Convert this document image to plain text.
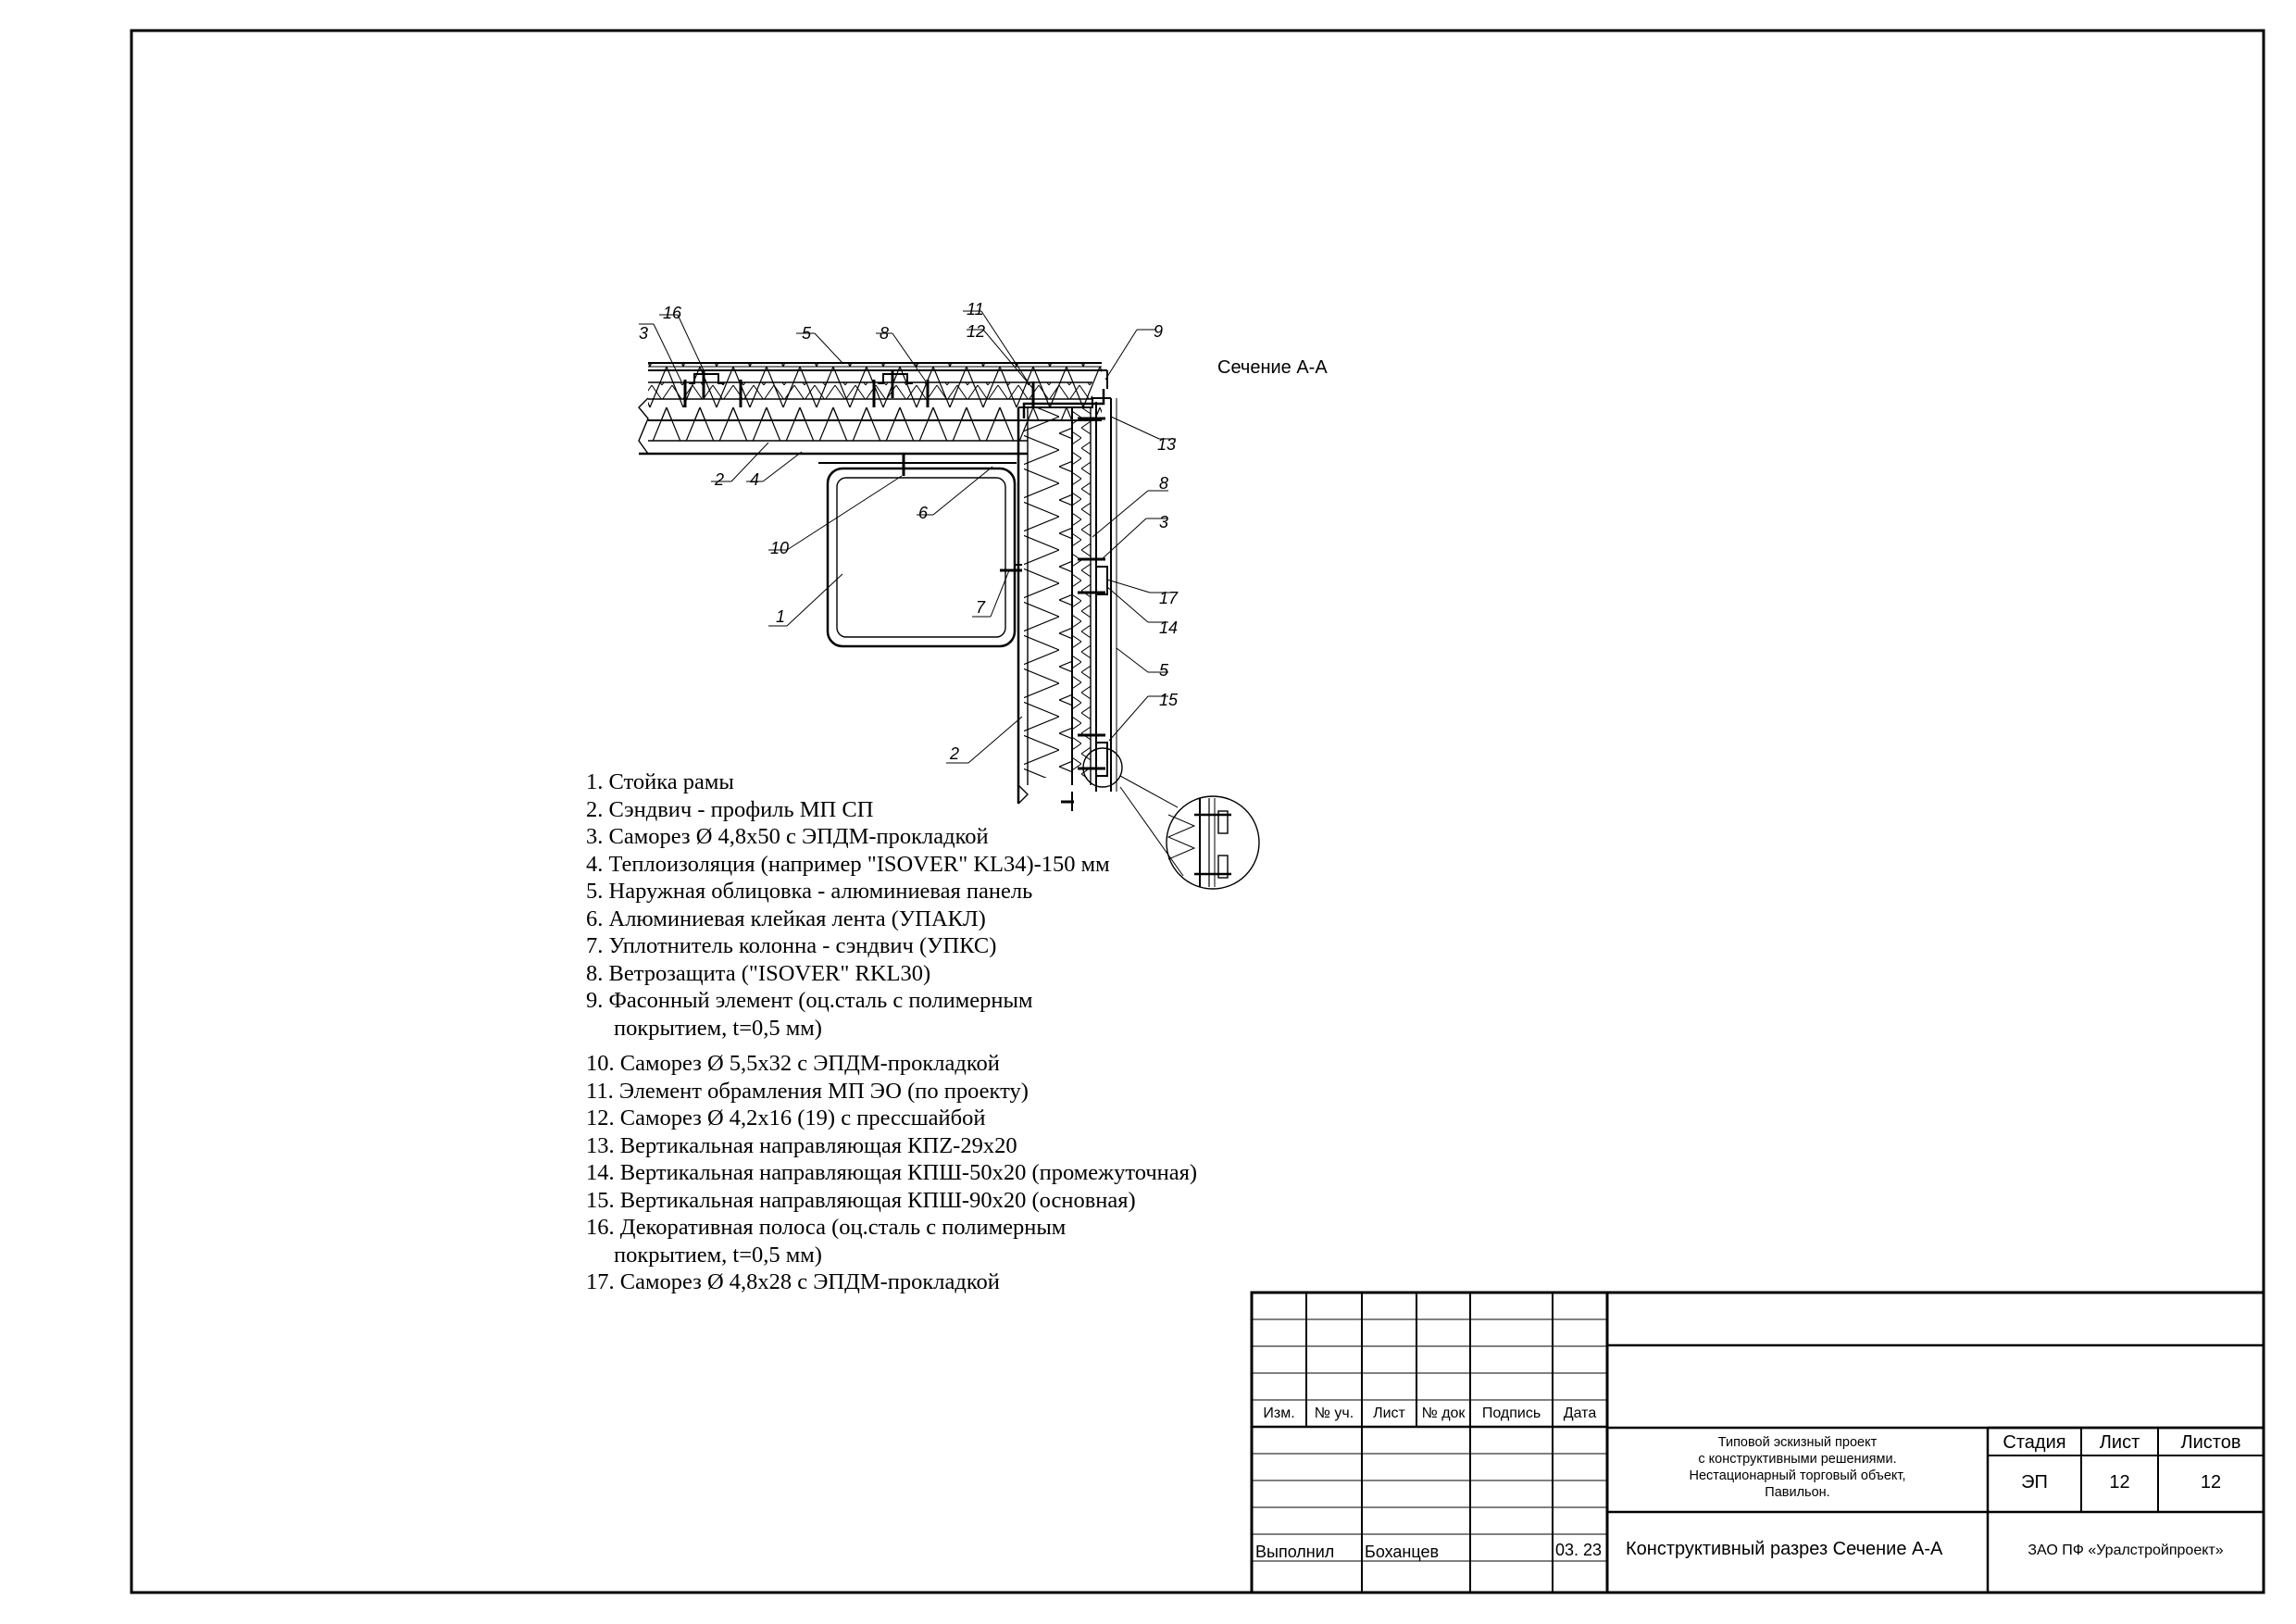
16
3	5	8
11
12	9
13
8
3
17
14
5
15
2 4
6
10
1	7
2
Сечение А-А
1. Стойка рамы
2. Сэндвич - профиль МП СП
3. Саморез Ø 4,8x50 с ЭПДМ-прокладкой
4. Теплоизоляция (например "ISOVER" KL34)-150 мм
5. Наружная облицовка - алюминиевая панель
6. Алюминиевая клейкая лента (УПАКЛ)
7. Уплотнитель колонна - сэндвич (УПКС)
8. Ветрозащита ("ISOVER" RKL30)
9. Фасонный элемент (оц.сталь с полимерным
покрытием, t=0,5 мм)
10. Саморез Ø 5,5x32 с ЭПДМ-прокладкой
11. Элемент обрамления МП ЭО (по проекту)
12. Саморез Ø 4,2x16 (19) с прессшайбой
13. Вертикальная направляющая КПZ-29x20
14. Вертикальная направляющая КПШ-50x20 (промежуточная)
15. Вертикальная направляющая КПШ-90x20 (основная)
16. Декоративная полоса (оц.сталь с полимерным
покрытием, t=0,5 мм)
17. Саморез Ø 4,8x28 с ЭПДМ-прокладкой
Изм.	№ уч.	Лист	№ док	Подпись	Дата
Выполнил Боханцев	03. 23
Типовой эскизный проект
с конструктивными решениями.
Нестационарный торговый объект,
Павильон.
Стадия	Лист	Листов
ЭП	12	12
Конструктивный разрез Сечение А-А	ЗАО ПФ «Уралстройпроект»
